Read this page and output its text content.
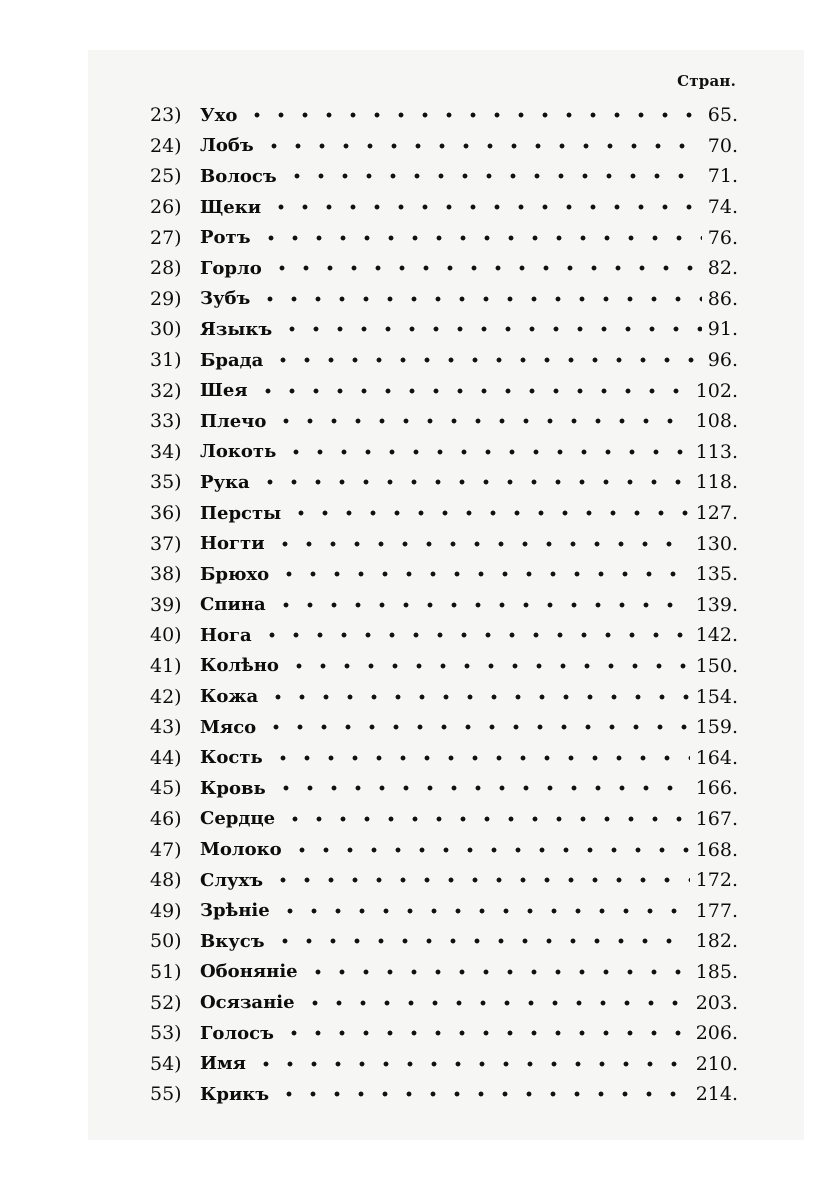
Стран.
23)	Ухо	65.
24)	Лобъ	70.
25)	Волосъ	71.
26)	Щеки	74.
27)	Ротъ	76.
28)	Горло	82.
29)	Зубъ	86.
30)	Языкъ	91.
31)	Брада	96.
32)	Шея	102.
33)	Плечо	108.
34)	Локоть	113.
35)	Рука	118.
36)	Персты	127.
37)	Ногти	130.
38)	Брюхо	135.
39)	Спина	139.
40)	Нога	142.
41)	Колѣно	150.
42)	Кожа	154.
43)	Мясо	159.
44)	Кость	164.
45)	Кровь	166.
46)	Сердце	167.
47)	Молоко	168.
48)	Слухъ	172.
49)	Зрѣніе	177.
50)	Вкусъ	182.
51)	Обоняніе	185.
52)	Осязаніе	203.
53)	Голосъ	206.
54)	Имя	210.
55)	Крикъ	214.
